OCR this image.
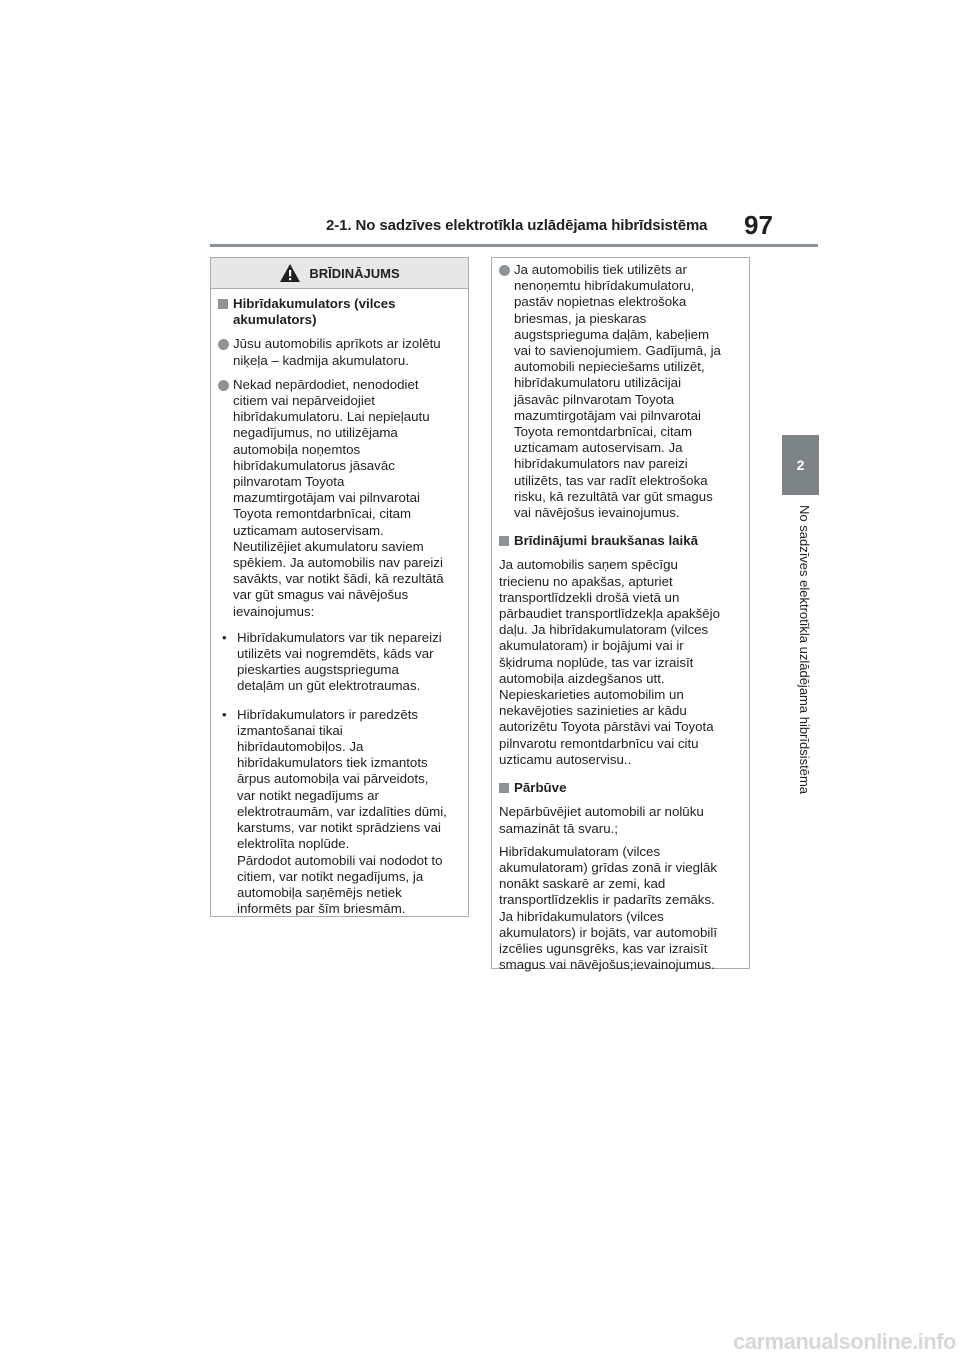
2-1. No sadzīves elektrotīkla uzlādējama hibrīdsistēma 97
2
No sadzīves elektrotīkla uzlādējama hibrīdsistēma
BRĪDINĀJUMS
Hibrīdakumulators (vilces
akumulators)
Jūsu automobilis aprīkots ar izolētu
niķeļa – kadmija akumulatoru.
Nekad nepārdodiet, nenododiet
citiem vai nepārveidojiet
hibrīdakumulatoru. Lai nepieļautu
negadījumus, no utilizējama
automobiļa noņemtos
hibrīdakumulatorus jāsavāc
pilnvarotam Toyota
mazumtirgotājam vai pilnvarotai
Toyota remontdarbnīcai, citam
uzticamam autoservisam.
Neutilizējiet akumulatoru saviem
spēkiem. Ja automobilis nav pareizi
savākts, var notikt šādi, kā rezultātā
var gūt smagus vai nāvējošus
ievainojumus:
• Hibrīdakumulators var tik nepareizi
utilizēts vai nogremdēts, kāds var
pieskarties augstsprieguma
detaļām un gūt elektrotraumas.
• Hibrīdakumulators ir paredzēts
izmantošanai tikai
hibrīdautomobiļos. Ja
hibrīdakumulators tiek izmantots
ārpus automobiļa vai pārveidots,
var notikt negadījums ar
elektrotraumām, var izdalīties dūmi,
karstums, var notikt sprādziens vai
elektrolīta noplūde.
Pārdodot automobili vai nododot to
citiem, var notikt negadījums, ja
automobiļa saņēmējs netiek
informēts par šīm briesmām.
Ja automobilis tiek utilizēts ar
nenoņemtu hibrīdakumulatoru,
pastāv nopietnas elektrošoka
briesmas, ja pieskaras
augstsprieguma daļām, kabeļiem
vai to savienojumiem. Gadījumā, ja
automobili nepieciešams utilizēt,
hibrīdakumulatoru utilizācijai
jāsavāc pilnvarotam Toyota
mazumtirgotājam vai pilnvarotai
Toyota remontdarbnīcai, citam
uzticamam autoservisam. Ja
hibrīdakumulators nav pareizi
utilizēts, tas var radīt elektrošoka
risku, kā rezultātā var gūt smagus
vai nāvējošus ievainojumus.
Brīdinājumi braukšanas laikā
Ja automobilis saņem spēcīgu
triecienu no apakšas, apturiet
transportlīdzekli drošā vietā un
pārbaudiet transportlīdzekļa apakšējo
daļu. Ja hibrīdakumulatoram (vilces
akumulatoram) ir bojājumi vai ir
šķidruma noplūde, tas var izraisīt
automobiļa aizdegšanos utt.
Nepieskarieties automobilim un
nekavējoties sazinieties ar kādu
autorizētu Toyota pārstāvi vai Toyota
pilnvarotu remontdarbnīcu vai citu
uzticamu autoservisu..
Pārbūve
Nepārbūvējiet automobili ar nolūku
samazināt tā svaru.;
Hibrīdakumulatoram (vilces
akumulatoram) grīdas zonā ir vieglāk
nonākt saskarē ar zemi, kad
transportlīdzeklis ir padarīts zemāks.
Ja hibrīdakumulators (vilces
akumulators) ir bojāts, var automobilī
izcēlies ugunsgrēks, kas var izraisīt
smagus vai nāvējošus;ievainojumus.
carmanualsonline.info
